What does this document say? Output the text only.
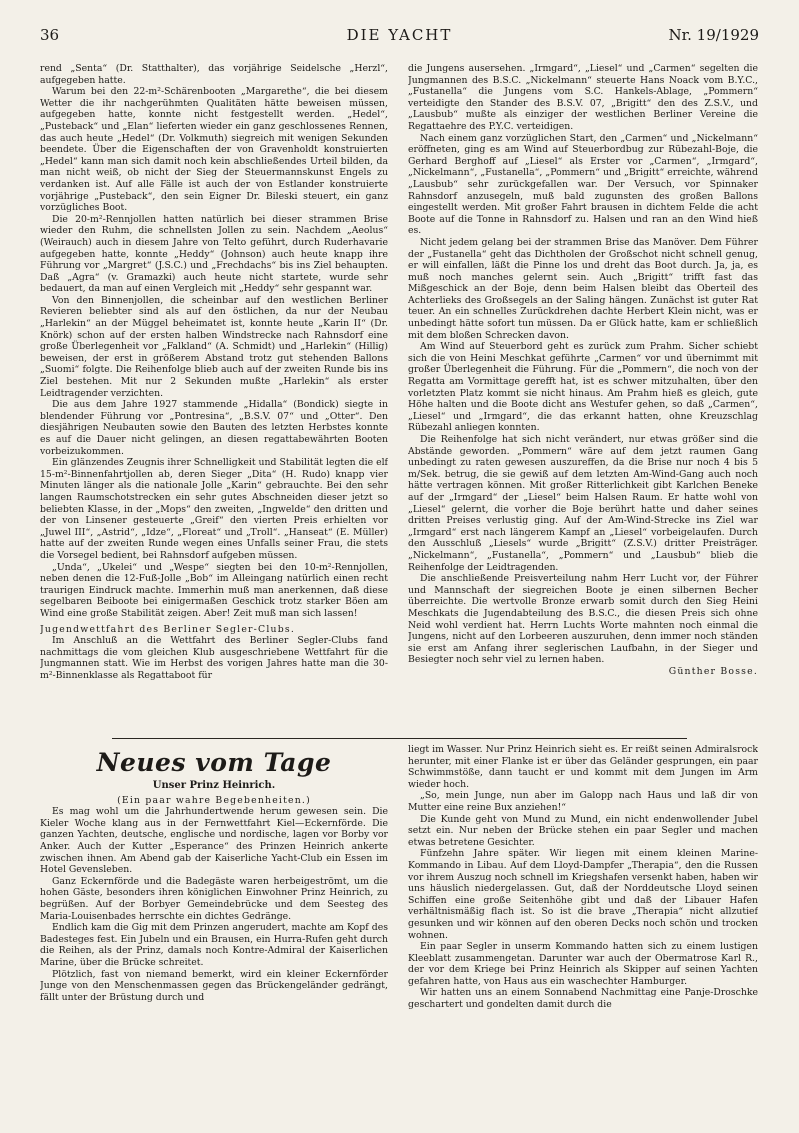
36	DIE YACHT	Nr. 19/1929

rend „Senta“ (Dr. Statthalter), das vorjährige Seidelsche „Herzl“, aufgegeben hatte.

Warum bei den 22-m²-Schärenbooten „Margarethe“, die bei diesem Wetter die ihr nachgerühmten Qualitäten hätte beweisen müssen, aufgegeben hatte, konnte nicht festgestellt werden. „Hedel“, „Pusteback“ und „Elan“ lieferten wieder ein ganz geschlossenes Rennen, das auch heute „Hedel“ (Dr. Volkmuth) siegreich mit wenigen Sekunden beendete. Über die Eigenschaften der von Gravenholdt konstruierten „Hedel“ kann man sich damit noch kein abschließendes Urteil bilden, da man nicht weiß, ob nicht der Sieg der Steuermannskunst Engels zu verdanken ist. Auf alle Fälle ist auch der von Estlander konstruierte vorjährige „Pusteback“, den sein Eigner Dr. Bileski steuert, ein ganz vorzügliches Boot.

Die 20-m²-Rennjollen hatten natürlich bei dieser strammen Brise wieder den Ruhm, die schnellsten Jollen zu sein. Nachdem „Aeolus“ (Weirauch) auch in diesem Jahre von Telto geführt, durch Ruderhavarie aufgegeben hatte, konnte „Heddy“ (Johnson) auch heute knapp ihre Führung vor „Margret“ (J.S.C.) und „Frechdachs“ bis ins Ziel behaupten. Daß „Agra“ (v. Gramazki) auch heute nicht startete, wurde sehr bedauert, da man auf einen Vergleich mit „Heddy“ sehr gespannt war.

Von den Binnenjollen, die scheinbar auf den westlichen Berliner Revieren beliebter sind als auf den östlichen, da nur der Neubau „Harlekin“ an der Müggel beheimatet ist, konnte heute „Karin II“ (Dr. Knörk) schon auf der ersten halben Windstrecke nach Rahnsdorf eine große Überlegenheit vor „Falkland“ (A. Schmidt) und „Harlekin“ (Hillig) beweisen, der erst in größerem Abstand trotz gut stehenden Ballons „Suomi“ folgte. Die Reihenfolge blieb auch auf der zweiten Runde bis ins Ziel bestehen. Mit nur 2 Sekunden mußte „Harlekin“ als erster Leidtragender verzichten.

Die aus dem Jahre 1927 stammende „Hidalla“ (Bondick) siegte in blendender Führung vor „Pontresina“, „B.S.V. 07“ und „Otter“. Den diesjährigen Neubauten sowie den Bauten des letzten Herbstes konnte es auf die Dauer nicht gelingen, an diesen regattabewährten Booten vorbeizukommen.

Ein glänzendes Zeugnis ihrer Schnelligkeit und Stabilität legten die elf 15-m²-Binnenfahrtjollen ab, deren Sieger „Dita“ (H. Rudo) knapp vier Minuten länger als die nationale Jolle „Karin“ gebrauchte. Bei den sehr langen Raumschotstrecken ein sehr gutes Abschneiden dieser jetzt so beliebten Klasse, in der „Mops“ den zweiten, „Ingwelde“ den dritten und der von Linsener gesteuerte „Greif“ den vierten Preis erhielten vor „Juwel III“, „Astrid“, „Idze“, „Floreat“ und „Troll“. „Hanseat“ (E. Müller) hatte auf der zweiten Runde wegen eines Unfalls seiner Frau, die stets die Vorsegel bedient, bei Rahnsdorf aufgeben müssen.

„Unda“, „Ukelei“ und „Wespe“ siegten bei den 10-m²-Rennjollen, neben denen die 12-Fuß-Jolle „Bob“ im Alleingang natürlich einen recht traurigen Eindruck machte. Immerhin muß man anerkennen, daß diese segelbaren Beiboote bei einigermaßen Geschick trotz starker Böen am Wind eine große Stabilität zeigen. Aber! Zeit muß man sich lassen!

Jugendwettfahrt des Berliner Segler-Clubs.

Im Anschluß an die Wettfahrt des Berliner Segler-Clubs fand nachmittags die vom gleichen Klub ausgeschriebene Wettfahrt für die Jungmannen statt. Wie im Herbst des vorigen Jahres hatte man die 30-m²-Binnenklasse als Regattaboot für

die Jungens ausersehen. „Irmgard“, „Liesel“ und „Carmen“ segelten die Jungmannen des B.S.C. „Nickelmann“ steuerte Hans Noack vom B.Y.C., „Fustanella“ die Jungens vom S.C. Hankels-Ablage, „Pommern“ verteidigte den Stander des B.S.V. 07, „Brigitt“ den des Z.S.V., und „Lausbub“ mußte als einziger der westlichen Berliner Vereine die Regattaehre des P.Y.C. verteidigen.

Nach einem ganz vorzüglichen Start, den „Carmen“ und „Nickelmann“ eröffneten, ging es am Wind auf Steuerbordbug zur Rübezahl-Boje, die Gerhard Berghoff auf „Liesel“ als Erster vor „Carmen“, „Irmgard“, „Nickelmann“, „Fustanella“, „Pommern“ und „Brigitt“ erreichte, während „Lausbub“ sehr zurückgefallen war. Der Versuch, vor Spinnaker Rahnsdorf anzusegeln, muß bald zugunsten des großen Ballons eingestellt werden. Mit großer Fahrt brausen in dichtem Felde die acht Boote auf die Tonne in Rahnsdorf zu. Halsen und ran an den Wind hieß es.

Nicht jedem gelang bei der strammen Brise das Manöver. Dem Führer der „Fustanella“ geht das Dichtholen der Großschot nicht schnell genug, er will einfallen, läßt die Pinne los und dreht das Boot durch. Ja, ja, es muß noch manches gelernt sein. Auch „Brigitt“ trifft fast das Mißgeschick an der Boje, denn beim Halsen bleibt das Oberteil des Achterlieks des Großsegels an der Saling hängen. Zunächst ist guter Rat teuer. An ein schnelles Zurückdrehen dachte Herbert Klein nicht, was er unbedingt hätte sofort tun müssen. Da er Glück hatte, kam er schließlich mit dem bloßen Schrecken davon.

Am Wind auf Steuerbord geht es zurück zum Prahm. Sicher schiebt sich die von Heini Meschkat geführte „Carmen“ vor und übernimmt mit großer Überlegenheit die Führung. Für die „Pommern“, die noch von der Regatta am Vormittage gerefft hat, ist es schwer mitzuhalten, über den vorletzten Platz kommt sie nicht hinaus. Am Prahm hieß es gleich, gute Höhe halten und die Boote dicht ans Westufer gehen, so daß „Carmen“, „Liesel“ und „Irmgard“, die das erkannt hatten, ohne Kreuzschlag Rübezahl anliegen konnten.

Die Reihenfolge hat sich nicht verändert, nur etwas größer sind die Abstände geworden. „Pommern“ wäre auf dem jetzt raumen Gang unbedingt zu raten gewesen auszureffen, da die Brise nur noch 4 bis 5 m/Sek. betrug, die sie gewiß auf dem letzten Am-Wind-Gang auch noch hätte vertragen können. Mit großer Ritterlichkeit gibt Karlchen Beneke auf der „Irmgard“ der „Liesel“ beim Halsen Raum. Er hatte wohl von „Liesel“ gelernt, die vorher die Boje berührt hatte und daher seines dritten Preises verlustig ging. Auf der Am-Wind-Strecke ins Ziel war „Irmgard“ erst nach längerem Kampf an „Liesel“ vorbeigelaufen. Durch den Ausschluß „Liesels“ wurde „Brigitt“ (Z.S.V.) dritter Preisträger. „Nickelmann“, „Fustanella“, „Pommern“ und „Lausbub“ blieb die Reihenfolge der Leidtragenden.

Die anschließende Preisverteilung nahm Herr Lucht vor, der Führer und Mannschaft der siegreichen Boote je einen silbernen Becher überreichte. Die wertvolle Bronze erwarb somit durch den Sieg Heini Meschkats die Jugendabteilung des B.S.C., die diesen Preis sich ohne Neid wohl verdient hat. Herrn Luchts Worte mahnten noch einmal die Jungens, nicht auf den Lorbeeren auszuruhen, denn immer noch ständen sie erst am Anfang ihrer seglerischen Laufbahn, in der Sieger und Besiegter noch sehr viel zu lernen haben.

Günther Bosse.

Neues vom Tage
Unser Prinz Heinrich.

(Ein paar wahre Begebenheiten.)

Es mag wohl um die Jahrhundertwende herum gewesen sein. Die Kieler Woche klang aus in der Fernwettfahrt Kiel—Eckernförde. Die ganzen Yachten, deutsche, englische und nordische, lagen vor Borby vor Anker. Auch der Kutter „Esperance“ des Prinzen Heinrich ankerte zwischen ihnen. Am Abend gab der Kaiserliche Yacht-Club ein Essen im Hotel Gevensleben.

Ganz Eckernförde und die Badegäste waren herbeigeströmt, um die hohen Gäste, besonders ihren königlichen Einwohner Prinz Heinrich, zu begrüßen. Auf der Borbyer Gemeindebrücke und dem Seesteg des Maria-Louisenbades herrschte ein dichtes Gedränge.

Endlich kam die Gig mit dem Prinzen angerudert, machte am Kopf des Badesteges fest. Ein Jubeln und ein Brausen, ein Hurra-Rufen geht durch die Reihen, als der Prinz, damals noch Kontre-Admiral der Kaiserlichen Marine, über die Brücke schreitet.

Plötzlich, fast von niemand bemerkt, wird ein kleiner Eckernförder Junge von den Menschenmassen gegen das Brückengeländer gedrängt, fällt unter der Brüstung durch und

liegt im Wasser. Nur Prinz Heinrich sieht es. Er reißt seinen Admiralsrock herunter, mit einer Flanke ist er über das Geländer gesprungen, ein paar Schwimmstöße, dann taucht er und kommt mit dem Jungen im Arm wieder hoch.

„So, mein Junge, nun aber im Galopp nach Haus und laß dir von Mutter eine reine Bux anziehen!“

Die Kunde geht von Mund zu Mund, ein nicht endenwollender Jubel setzt ein. Nur neben der Brücke stehen ein paar Segler und machen etwas betretene Gesichter.

Fünfzehn Jahre später. Wir liegen mit einem kleinen Marine-Kommando in Libau. Auf dem Lloyd-Dampfer „Therapia“, den die Russen vor ihrem Auszug noch schnell im Kriegshafen versenkt haben, haben wir uns häuslich niedergelassen. Gut, daß der Norddeutsche Lloyd seinen Schiffen eine große Seitenhöhe gibt und daß der Libauer Hafen verhältnismäßig flach ist. So ist die brave „Therapia“ nicht allzutief gesunken und wir können auf den oberen Decks noch schön und trocken wohnen.

Ein paar Segler in unserm Kommando hatten sich zu einem lustigen Kleeblatt zusammengetan. Darunter war auch der Obermatrose Karl R., der vor dem Kriege bei Prinz Heinrich als Skipper auf seinen Yachten gefahren hatte, von Haus aus ein waschechter Hamburger.

Wir hatten uns an einem Sonnabend Nachmittag eine Panje-Droschke geschartert und gondelten damit durch die
